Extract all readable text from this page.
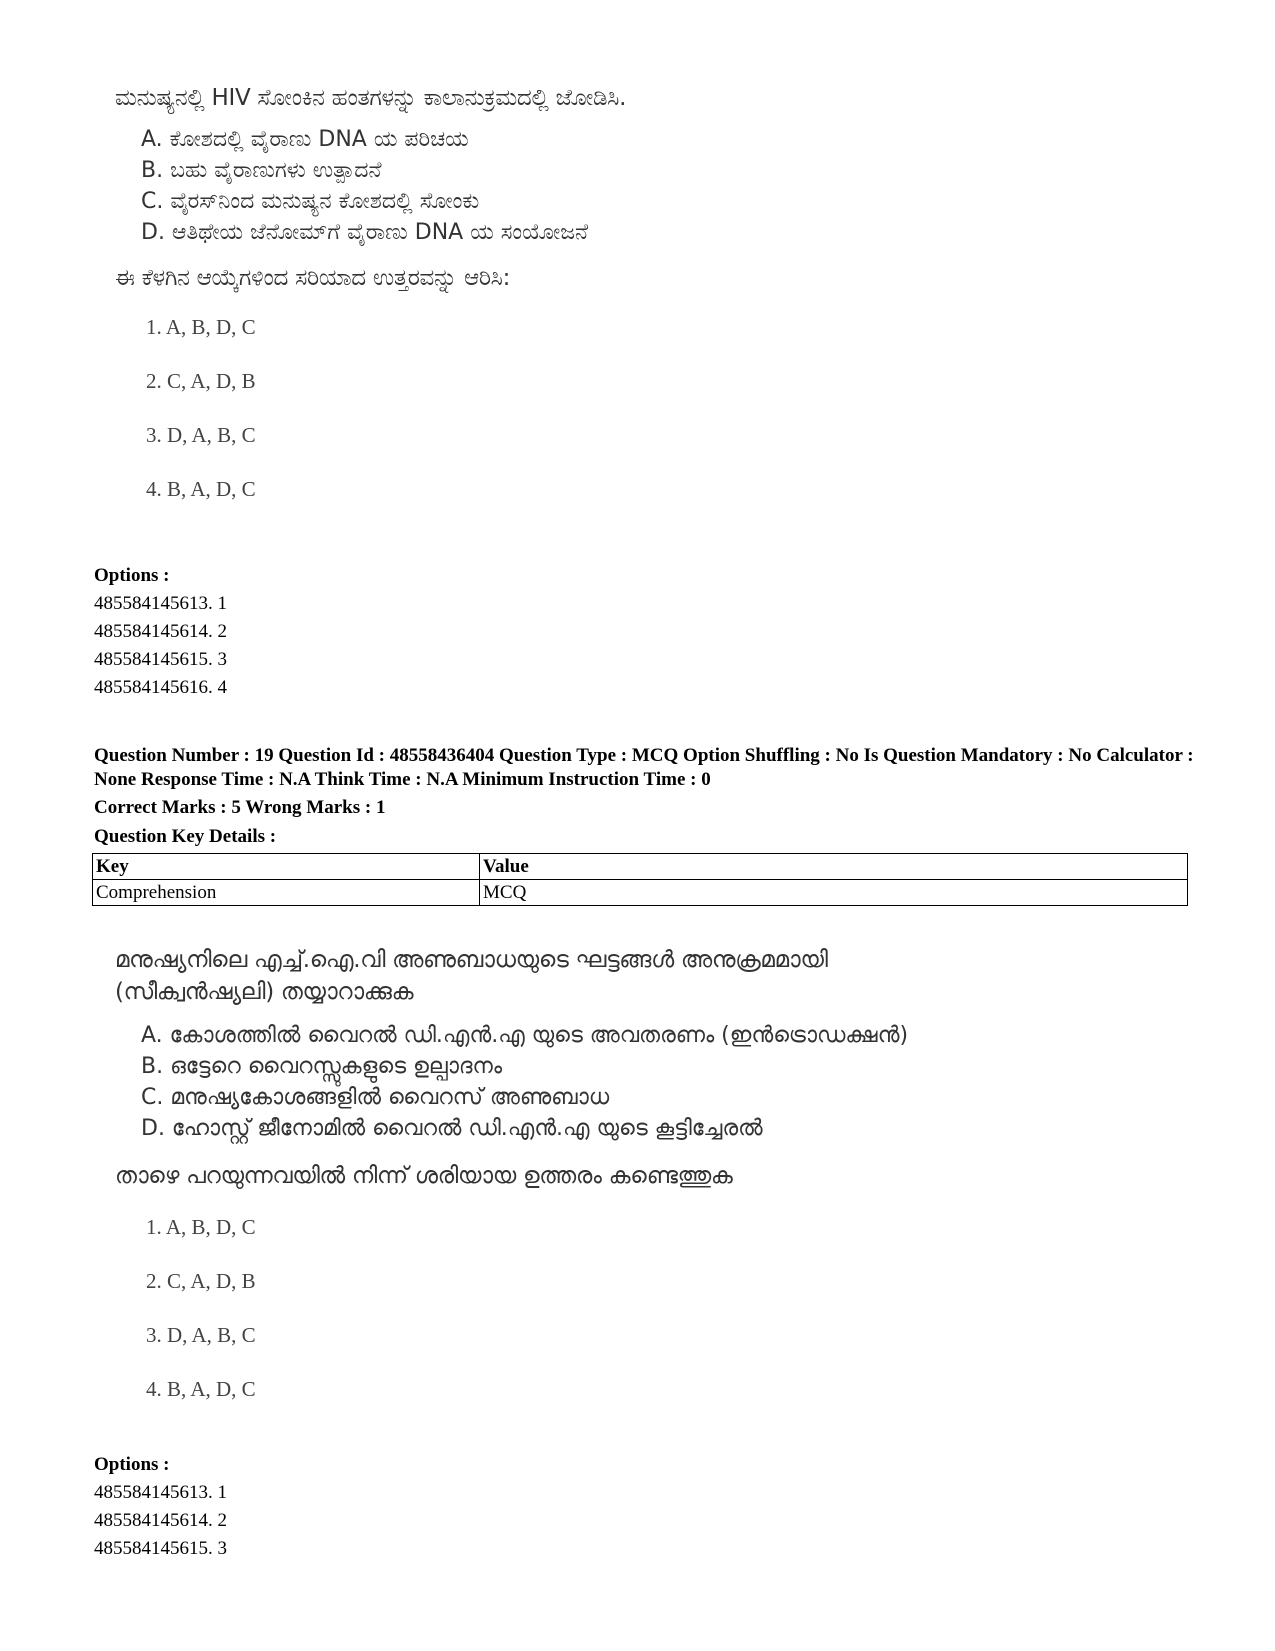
ಮನುಷ್ಯನಲ್ಲಿ HIV ಸೋಂಕಿನ ಹಂತಗಳನ್ನು ಕಾಲಾನುಕ್ರಮದಲ್ಲಿ ಜೋಡಿಸಿ.
A. ಕೋಶದಲ್ಲಿ ವೈರಾಣು DNA ಯ ಪರಿಚಯ
B. ಬಹು ವೈರಾಣುಗಳು ಉತ್ಪಾದನೆ
C. ವೈರಸ್‌ನಿಂದ ಮನುಷ್ಯನ ಕೋಶದಲ್ಲಿ ಸೋಂಕು
D. ಆತಿಥೇಯ ಜೆನೋಮ್‌ಗೆ ವೈರಾಣು DNA ಯ ಸಂಯೋಜನೆ
ಈ ಕೆಳಗಿನ ಆಯ್ಕೆಗಳಿಂದ ಸರಿಯಾದ ಉತ್ತರವನ್ನು ಆರಿಸಿ:
1. A, B, D, C
2. C, A, D, B
3. D, A, B, C
4. B, A, D, C
Options :
485584145613. 1
485584145614. 2
485584145615. 3
485584145616. 4
Question Number : 19 Question Id : 48558436404 Question Type : MCQ Option Shuffling : No Is Question Mandatory : No Calculator : None Response Time : N.A Think Time : N.A Minimum Instruction Time : 0
Correct Marks : 5 Wrong Marks : 1
Question Key Details :
Key	Value
Comprehension	MCQ
മനുഷ്യനിലെ എച്ച്.ഐ.വി അണുബാധയുടെ ഘട്ടങ്ങൾ അനുക്രമമായി
(സീക്വൻഷ്യലി) തയ്യാറാക്കുക
A. കോശത്തിൽ വൈറൽ ഡി.എൻ.എ യുടെ അവതരണം (ഇൻട്രൊഡക്ഷൻ)
B. ഒട്ടേറെ വൈറസ്സുകളുടെ ഉല്പാദനം
C. മനുഷ്യകോശങ്ങളിൽ വൈറസ് അണുബാധ
D. ഹോസ്റ്റ് ജീനോമിൽ വൈറൽ ഡി.എൻ.എ യുടെ കൂട്ടിച്ചേരൽ
താഴെ പറയുന്നവയിൽ നിന്ന് ശരിയായ ഉത്തരം കണ്ടെത്തുക
1. A, B, D, C
2. C, A, D, B
3. D, A, B, C
4. B, A, D, C
Options :
485584145613. 1
485584145614. 2
485584145615. 3
